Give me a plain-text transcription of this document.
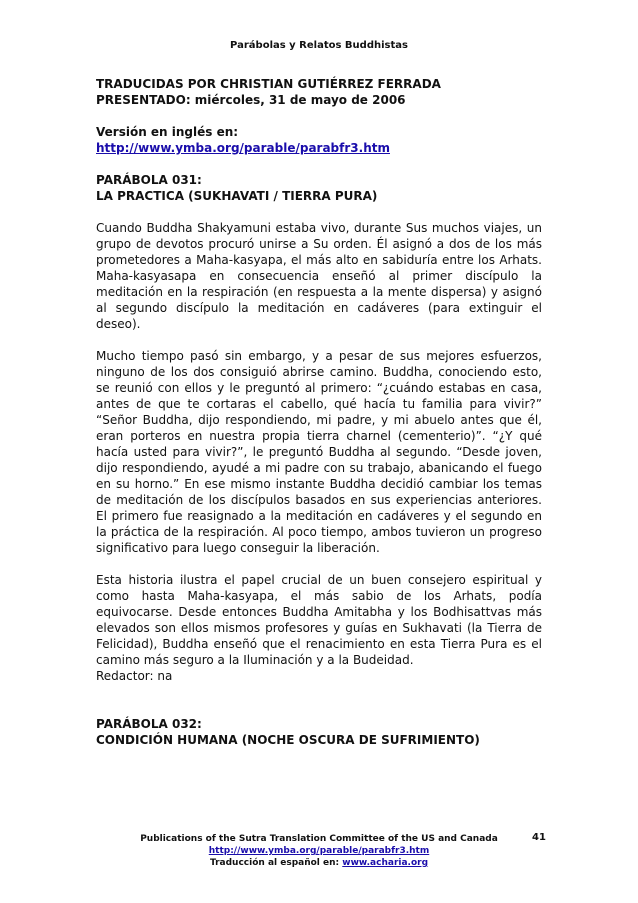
Parábolas y Relatos Buddhistas

TRADUCIDAS POR CHRISTIAN GUTIÉRREZ FERRADA

PRESENTADO: miércoles, 31 de mayo de 2006

Versión en inglés en:

http://www.ymba.org/parable/parabfr3.htm

PARÁBOLA 031:

LA PRACTICA (SUKHAVATI / TIERRA PURA)

Cuando Buddha Shakyamuni estaba vivo, durante Sus muchos viajes, un grupo de devotos procuró unirse a Su orden. Él asignó a dos de los más prometedores a Maha-kasyapa, el más alto en sabiduría entre los Arhats. Maha-kasyasapa en consecuencia enseñó al primer discípulo la meditación en la respiración (en respuesta a la mente dispersa) y asignó al segundo discípulo la meditación en cadáveres (para extinguir el deseo).

Mucho tiempo pasó sin embargo, y a pesar de sus mejores esfuerzos, ninguno de los dos consiguió abrirse camino. Buddha, conociendo esto, se reunió con ellos y le preguntó al primero: “¿cuándo estabas en casa, antes de que te cortaras el cabello, qué hacía tu familia para vivir?” “Señor Buddha, dijo respondiendo, mi padre, y mi abuelo antes que él, eran porteros en nuestra propia tierra charnel (cementerio)”. “¿Y qué hacía usted para vivir?”, le preguntó Buddha al segundo. “Desde joven, dijo respondiendo, ayudé a mi padre con su trabajo, abanicando el fuego en su horno.” En ese mismo instante Buddha decidió cambiar los temas de meditación de los discípulos basados en sus experiencias anteriores. El primero fue reasignado a la meditación en cadáveres y el segundo en la práctica de la respiración. Al poco tiempo, ambos tuvieron un progreso significativo para luego conseguir la liberación.

Esta historia ilustra el papel crucial de un buen consejero espiritual y como hasta Maha-kasyapa, el más sabio de los Arhats, podía equivocarse. Desde entonces Buddha Amitabha y los Bodhisattvas más elevados son ellos mismos profesores y guías en Sukhavati (la Tierra de Felicidad), Buddha enseñó que el renacimiento en esta Tierra Pura es el camino más seguro a la Iluminación y a la Budeidad.

Redactor: na

PARÁBOLA 032:

CONDICIÓN HUMANA (NOCHE OSCURA DE SUFRIMIENTO)

Publications of the Sutra Translation Committee of the US and Canada
http://www.ymba.org/parable/parabfr3.htm
Traducción al español en: www.acharia.org
41
